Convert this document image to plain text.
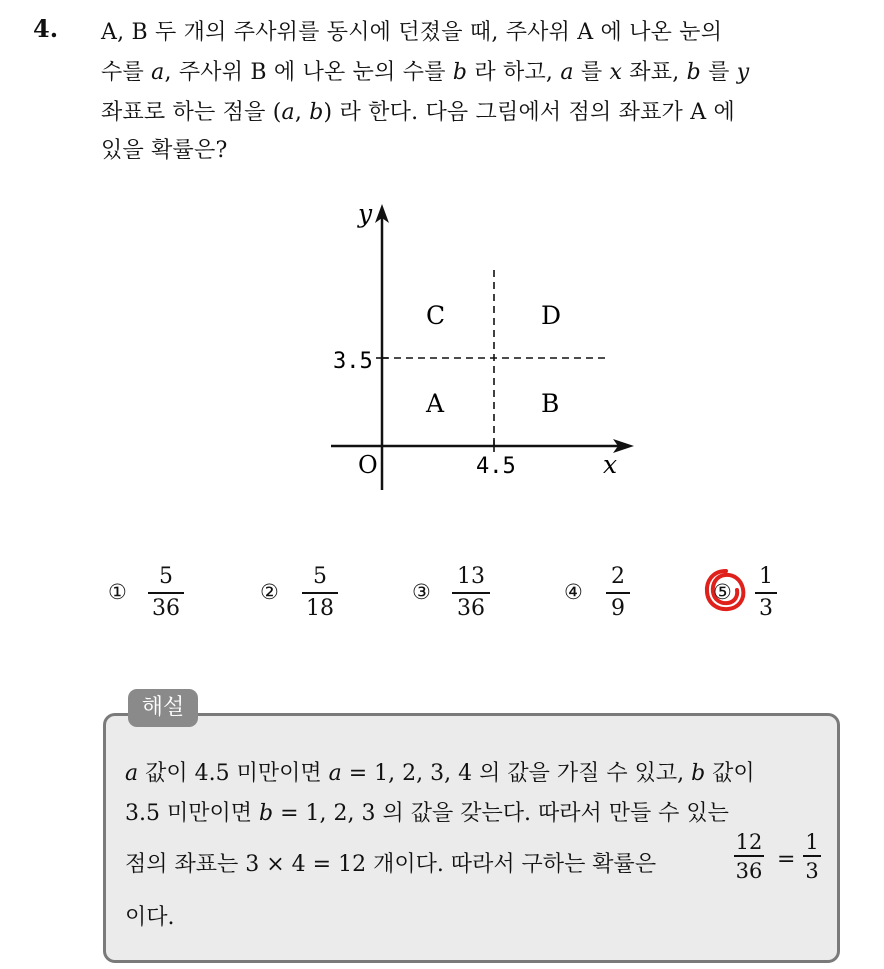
4. A, B 두 개의 주사위를 동시에 던졌을 때, 주사위 A 에 나온 눈의
수를 a, 주사위 B 에 나온 눈의 수를 b 라 하고, a 를 x 좌표, b 를 y
좌표로 하는 점을 (a, b) 라 한다. 다음 그림에서 점의 좌표가 A 에
있을 확률은?
y
x
O
3.5
4.5
C	D
A	B
①
5
36
②
5
18
③
13
36
④
2
9
⑤
1
3
해설
a 값이 4.5 미만이면 a = 1, 2, 3, 4 의 값을 가질 수 있고, b 값이
3.5 미만이면 b = 1, 2, 3 의 값을 갖는다. 따라서 만들 수 있는
점의 좌표는 3 × 4 = 12 개이다. 따라서 구하는 확률은
12
36 =
1
3
이다.
